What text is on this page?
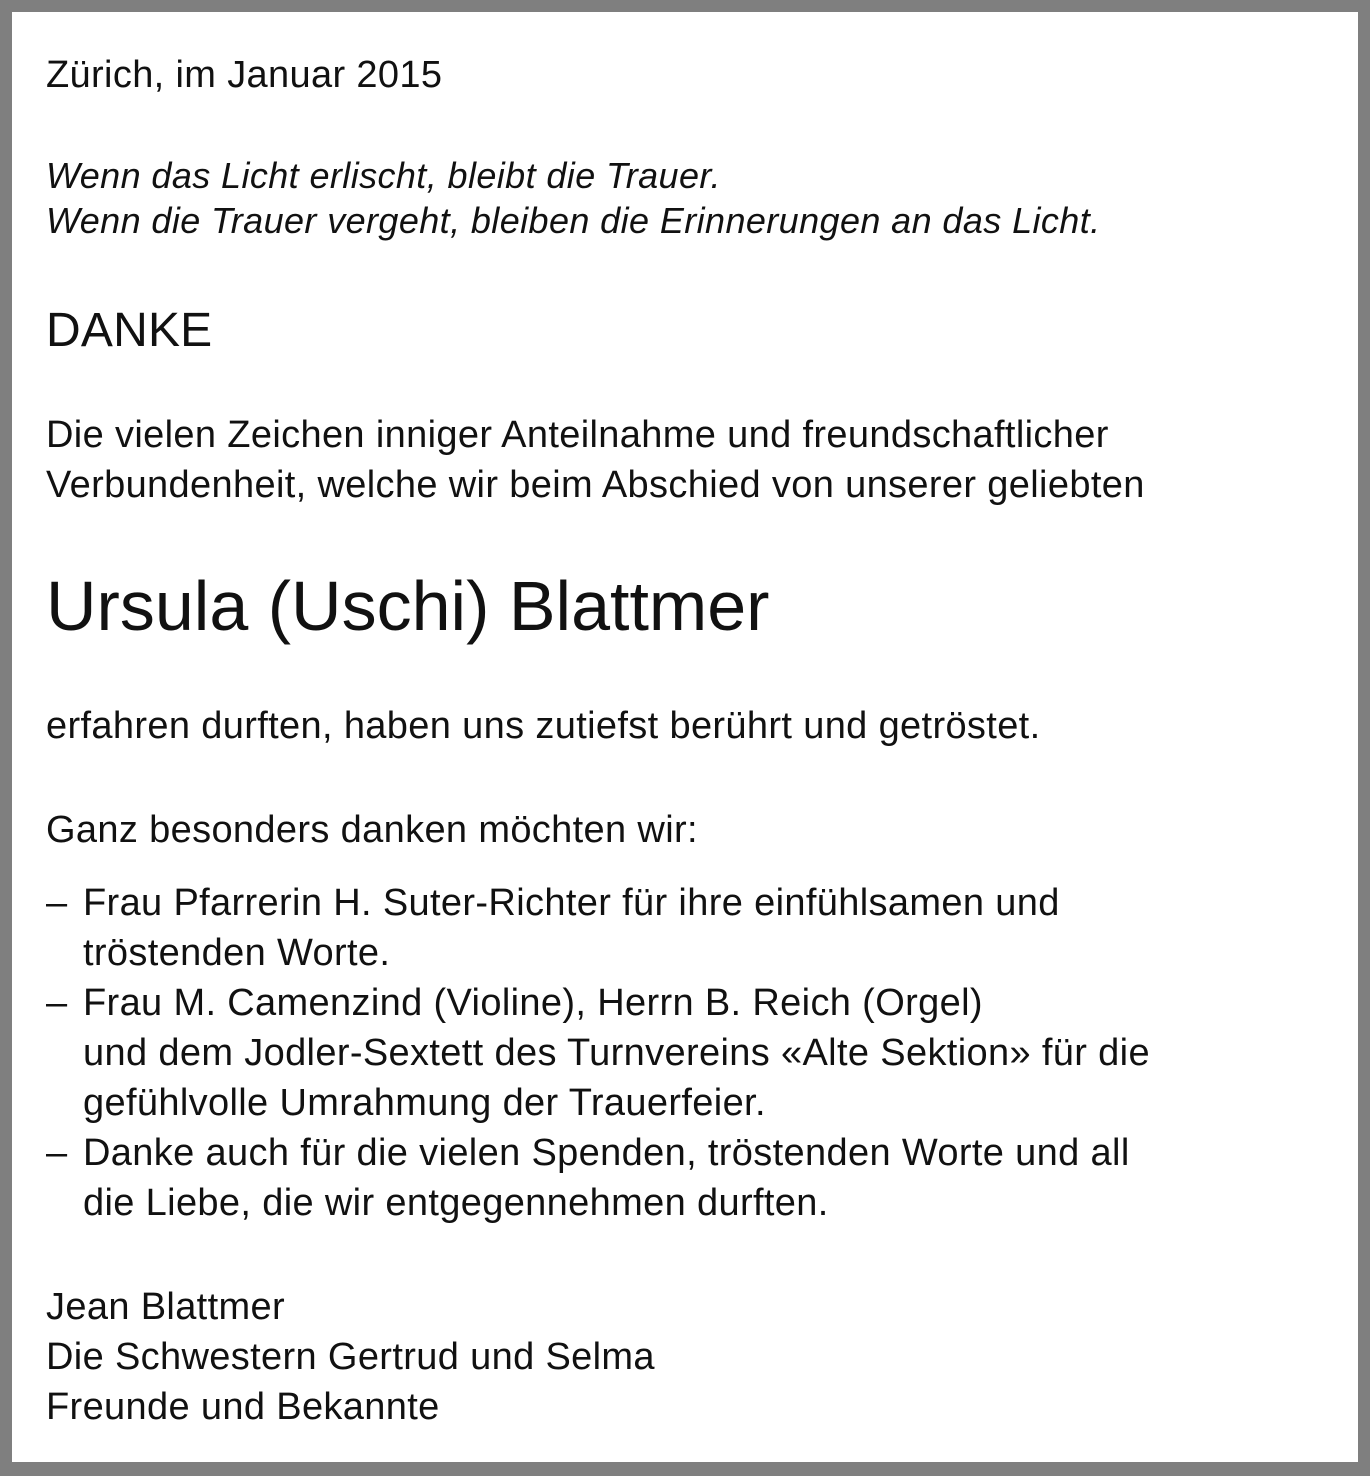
Zürich, im Januar 2015

Wenn das Licht erlischt, bleibt die Trauer.

Wenn die Trauer vergeht, bleiben die Erinnerungen an das Licht.

DANKE

Die vielen Zeichen inniger Anteilnahme und freundschaftlicher

Verbundenheit, welche wir beim Abschied von unserer geliebten

Ursula (Uschi) Blattmer

erfahren durften, haben uns zutiefst berührt und getröstet.

Ganz besonders danken möchten wir:

– Frau Pfarrerin H. Suter-Richter für ihre einfühlsamen und

tröstenden Worte.

– Frau M. Camenzind (Violine), Herrn B. Reich (Orgel)

und dem Jodler-Sextett des Turnvereins «Alte Sektion» für die

gefühlvolle Umrahmung der Trauerfeier.

– Danke auch für die vielen Spenden, tröstenden Worte und all

die Liebe, die wir entgegennehmen durften.

Jean Blattmer

Die Schwestern Gertrud und Selma

Freunde und Bekannte
